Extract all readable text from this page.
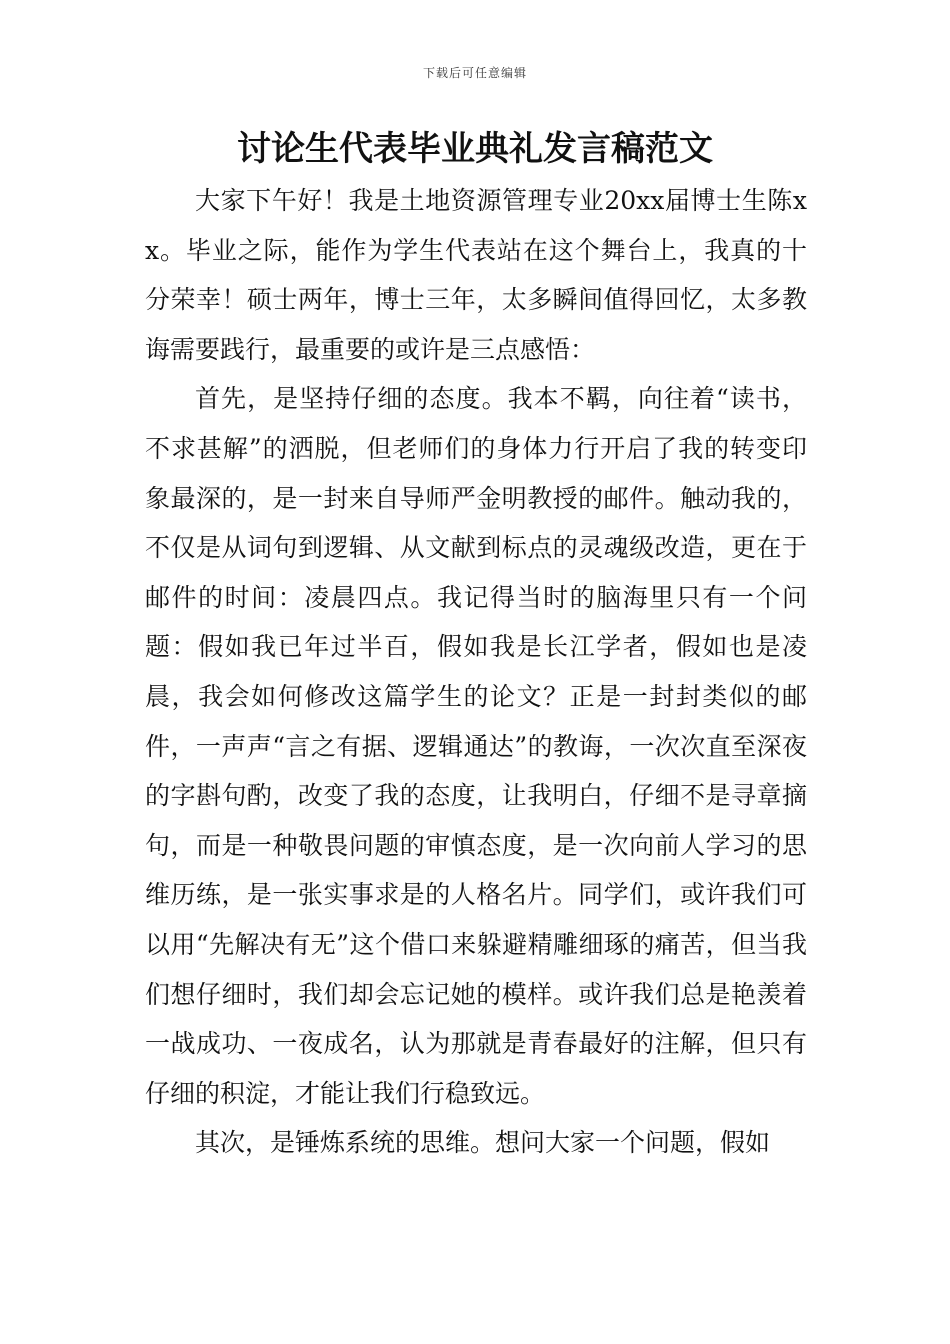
下载后可任意编辑
讨论生代表毕业典礼发言稿范文

大家下午好！我是土地资源管理专业20xx届博士生陈xx。毕业之际，能作为学生代表站在这个舞台上，我真的十分荣幸！硕士两年，博士三年，太多瞬间值得回忆，太多教诲需要践行，最重要的或许是三点感悟：

首先，是坚持仔细的态度。我本不羁，向往着“读书，不求甚解”的洒脱，但老师们的身体力行开启了我的转变印象最深的，是一封来自导师严金明教授的邮件。触动我的，不仅是从词句到逻辑、从文献到标点的灵魂级改造，更在于邮件的时间：凌晨四点。我记得当时的脑海里只有一个问题：假如我已年过半百，假如我是长江学者，假如也是凌晨，我会如何修改这篇学生的论文？正是一封封类似的邮件，一声声“言之有据、逻辑通达”的教诲，一次次直至深夜的字斟句酌，改变了我的态度，让我明白，仔细不是寻章摘句，而是一种敬畏问题的审慎态度，是一次向前人学习的思维历练，是一张实事求是的人格名片。同学们，或许我们可以用“先解决有无”这个借口来躲避精雕细琢的痛苦，但当我们想仔细时，我们却会忘记她的模样。或许我们总是艳羡着一战成功、一夜成名，认为那就是青春最好的注解，但只有仔细的积淀，才能让我们行稳致远。

其次，是锤炼系统的思维。想问大家一个问题，假如
